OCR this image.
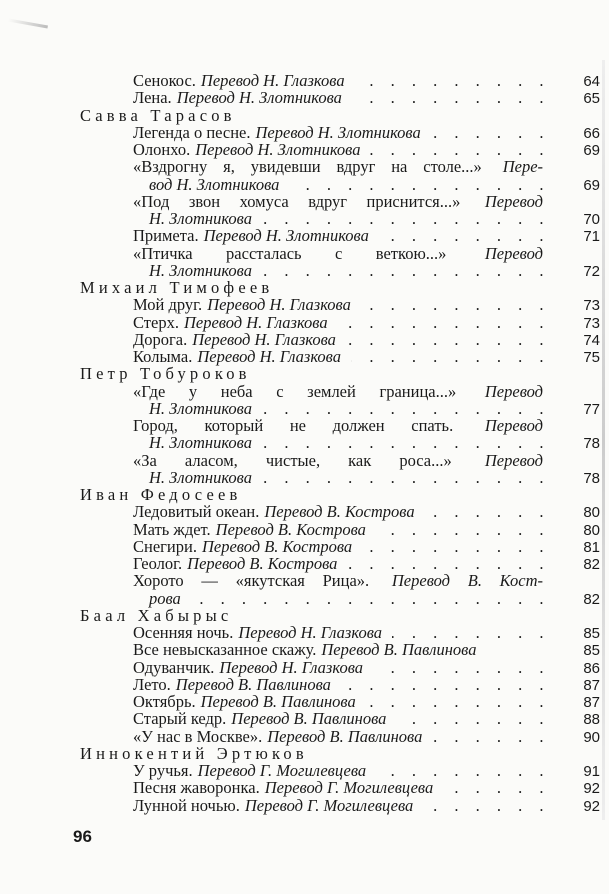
Сенокос. Перевод Н. Глазкова . . .	64
Лена. Перевод Н. Злотникова . . .	65
Савва Тарасов
Легенда о песне. Перевод Н. Злотникова . . .	66
Олонхо. Перевод Н. Злотникова . . .	69
«Вздрогну я, увидевши вдруг на столе...» Пере-
вод Н. Злотникова . . .	69
«Под звон хомуса вдруг приснится...» Перевод
Н. Злотникова . . .	70
Примета. Перевод Н. Злотникова . . .	71
«Птичка рассталась с веткою...» Перевод
Н. Злотникова . . .	72
Михаил Тимофеев
Мой друг. Перевод Н. Глазкова . . .	73
Стерх. Перевод Н. Глазкова . . .	73
Дорога. Перевод Н. Глазкова . . .	74
Колыма. Перевод Н. Глазкова . . .	75
Петр Тобуроков
«Где у неба с землей граница...» Перевод
Н. Злотникова . . .	77
Город, который не должен спать. Перевод
Н. Злотникова . . .	78
«За аласом, чистые, как роса...» Перевод
Н. Злотникова . . .	78
Иван Федосеев
Ледовитый океан. Перевод В. Кострова . . .	80
Мать ждет. Перевод В. Кострова . . .	80
Снегири. Перевод В. Кострова . . .	81
Геолог. Перевод В. Кострова . . .	82
Хорото — «якутская Рица». Перевод В. Кост-
рова . . .	82
Баал Хабырыс
Осенняя ночь. Перевод Н. Глазкова . . .	85
Все невысказанное скажу. Перевод В. Павлинова	85
Одуванчик. Перевод Н. Глазкова . . .	86
Лето. Перевод В. Павлинова . . .	87
Октябрь. Перевод В. Павлинова . . .	87
Старый кедр. Перевод В. Павлинова . . .	88
«У нас в Москве». Перевод В. Павлинова . . .	90
Иннокентий Эртюков
У ручья. Перевод Г. Могилевцева . . .	91
Песня жаворонка. Перевод Г. Могилевцева . . .	92
Лунной ночью. Перевод Г. Могилевцева . . .	92
96
